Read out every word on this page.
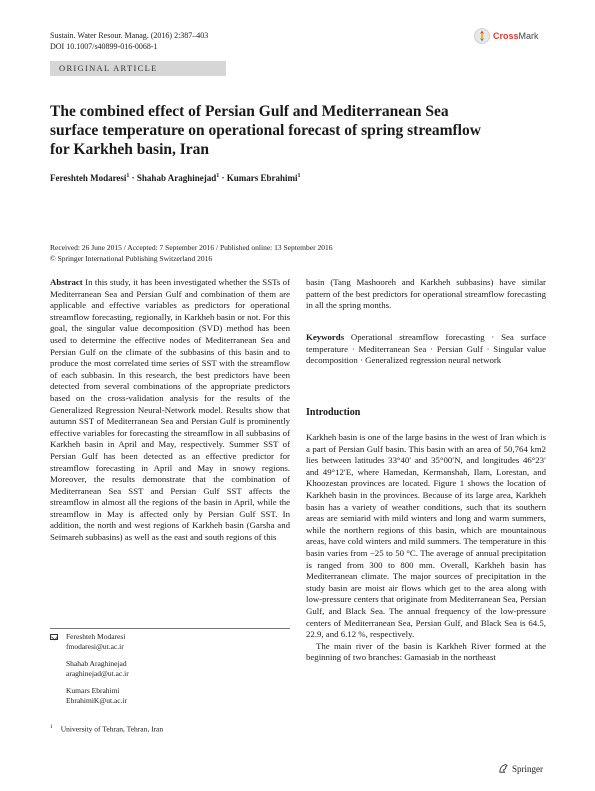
Sustain. Water Resour. Manag. (2016) 2:387–403
DOI 10.1007/s40899-016-0068-1
CrossMark
ORIGINAL ARTICLE
The combined effect of Persian Gulf and Mediterranean Sea
surface temperature on operational forecast of spring streamflow
for Karkheh basin, Iran
Fereshteh Modaresi$^1$ · Shahab Araghinejad$^1$ · Kumars Ebrahimi$^1$
Received: 26 June 2015 / Accepted: 7 September 2016 / Published online: 13 September 2016
© Springer International Publishing Switzerland 2016

Abstract In this study, it has been investigated whether the SSTs of Mediterranean Sea and Persian Gulf and combination of them are applicable and effective variables as predictors for operational streamflow forecasting, regionally, in Karkheh basin or not. For this goal, the singular value decomposition (SVD) method has been used to determine the effective nodes of Mediterranean Sea and Persian Gulf on the climate of the subbasins of this basin and to produce the most correlated time series of SST with the streamflow of each subbasin. In this research, the best predictors have been detected from several combinations of the appropriate predictors based on the cross-validation analysis for the results of the Generalized Regression Neural-Network model. Results show that autumn SST of Mediterranean Sea and Persian Gulf is prominently effective variables for forecasting the streamflow in all subbasins of Karkheh basin in April and May, respectively. Summer SST of Persian Gulf has been detected as an effective predictor for streamflow forecasting in April and May in snowy regions. Moreover, the results demonstrate that the combination of Mediterranean Sea SST and Persian Gulf SST affects the streamflow in almost all the regions of the basin in April, while the streamflow in May is affected only by Persian Gulf SST. In addition, the north and west regions of Karkheh basin (Garsha and Seimareh subbasins) as well as the east and south regions of this

basin (Tang Mashooreh and Karkheh subbasins) have similar pattern of the best predictors for operational streamflow forecasting in all the spring months.

Keywords Operational streamflow forecasting · Sea surface temperature · Mediterranean Sea · Persian Gulf · Singular value decomposition · Generalized regression neural network

Introduction

Karkheh basin is one of the large basins in the west of Iran which is a part of Persian Gulf basin. This basin with an area of 50,764 km2 lies between latitudes 33°40′ and 35°00′N, and longitudes 46°23′ and 49°12′E, where Hamedan, Kermanshah, Ilam, Lorestan, and Khoozestan provinces are located. Figure 1 shows the location of Karkheh basin in the provinces. Because of its large area, Karkheh basin has a variety of weather conditions, such that its southern areas are semiarid with mild winters and long and warm summers, while the northern regions of this basin, which are mountainous areas, have cold winters and mild summers. The temperature in this basin varies from −25 to 50 °C. The average of annual precipitation is ranged from 300 to 800 mm. Overall, Karkheh basin has Mediterranean climate. The major sources of precipitation in the study basin are moist air flows which get to the area along with low-pressure centers that originate from Mediterranean Sea, Persian Gulf, and Black Sea. The annual frequency of the low-pressure centers of Mediterranean Sea, Persian Gulf, and Black Sea is 64.5, 22.9, and 6.12 %, respectively.

The main river of the basin is Karkheh River formed at the beginning of two branches: Gamasiab in the northeast

Fereshteh Modaresi
fmodaresi@ut.ac.ir
Shahab Araghinejad
araghinejad@ut.ac.ir
Kumars Ebrahimi
EbrahimiK@ut.ac.ir
$^1$ University of Tehran, Tehran, Iran
Springer
